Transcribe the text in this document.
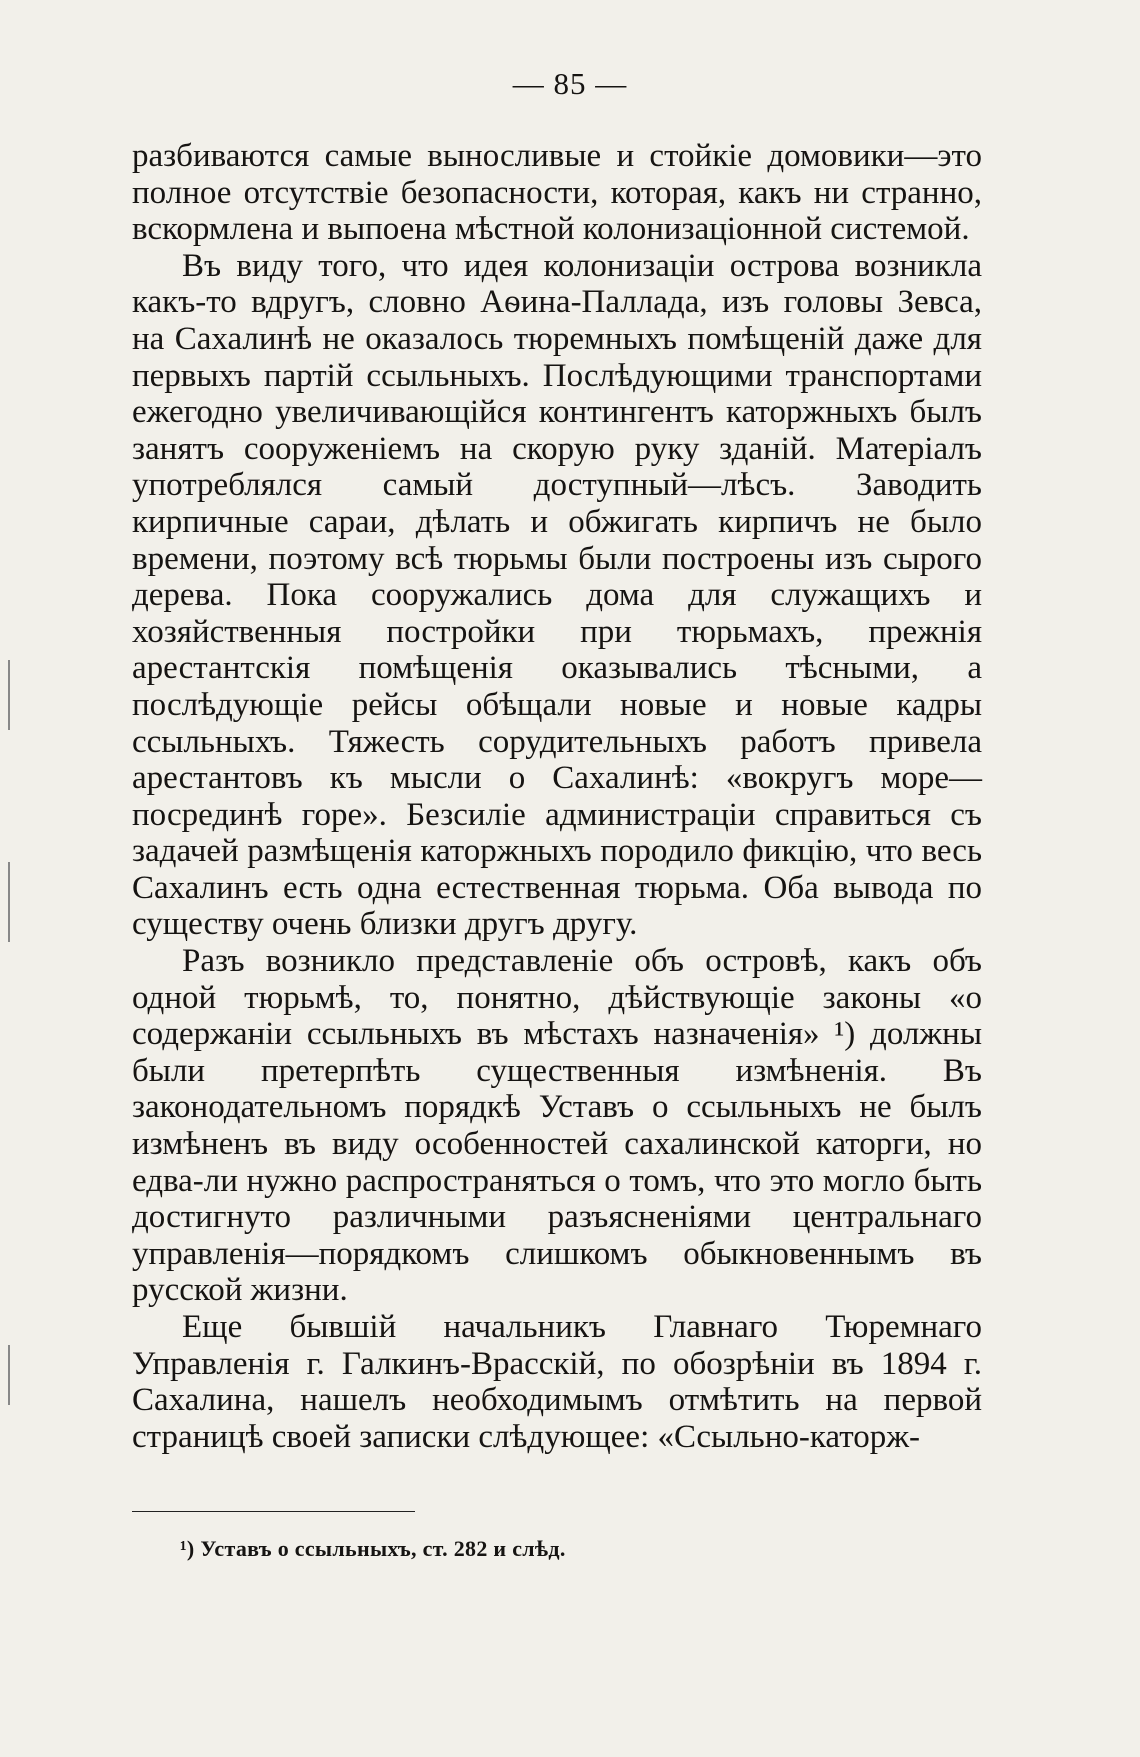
— 85 —

разбиваются самые выносливые и стойкіе домовики—это полное отсутствіе безопасности, которая, какъ ни странно, вскормлена и выпоена мѣстной колонизаціонной системой.

Въ виду того, что идея колонизаціи острова возникла какъ-то вдругъ, словно Аѳина-Паллада, изъ головы Зевса, на Сахалинѣ не оказалось тюремныхъ помѣщеній даже для первыхъ партій ссыльныхъ. Послѣдующими транспортами ежегодно увеличивающійся контингентъ каторжныхъ былъ занятъ сооруженіемъ на скорую руку зданій. Матеріалъ употреблялся самый доступный—лѣсъ. Заводить кирпичные сараи, дѣлать и обжигать кирпичъ не было времени, поэтому всѣ тюрьмы были построены изъ сырого дерева. Пока сооружались дома для служащихъ и хозяйственныя постройки при тюрьмахъ, прежнія арестантскія помѣщенія оказывались тѣсными, а послѣдующіе рейсы обѣщали новые и новые кадры ссыльныхъ. Тяжесть сорудительныхъ работъ привела арестантовъ къ мысли о Сахалинѣ: «вокругъ море—посрединѣ горе». Безсиліе администраціи справиться съ задачей размѣщенія каторжныхъ породило фикцію, что весь Сахалинъ есть одна естественная тюрьма. Оба вывода по существу очень близки другъ другу.

Разъ возникло представленіе объ островѣ, какъ объ одной тюрьмѣ, то, понятно, дѣйствующіе законы «о содержаніи ссыльныхъ въ мѣстахъ назначенія» ¹) должны были претерпѣть существенныя измѣненія. Въ законодательномъ порядкѣ Уставъ о ссыльныхъ не былъ измѣненъ въ виду особенностей сахалинской каторги, но едва-ли нужно распространяться о томъ, что это могло быть достигнуто различными разъясненіями центральнаго управленія—порядкомъ слишкомъ обыкновеннымъ въ русской жизни.

Еще бывшій начальникъ Главнаго Тюремнаго Управленія г. Галкинъ-Врасскій, по обозрѣніи въ 1894 г. Сахалина, нашелъ необходимымъ отмѣтить на первой страницѣ своей записки слѣдующее: «Ссыльно-каторж-

¹) Уставъ о ссыльныхъ, ст. 282 и слѣд.
